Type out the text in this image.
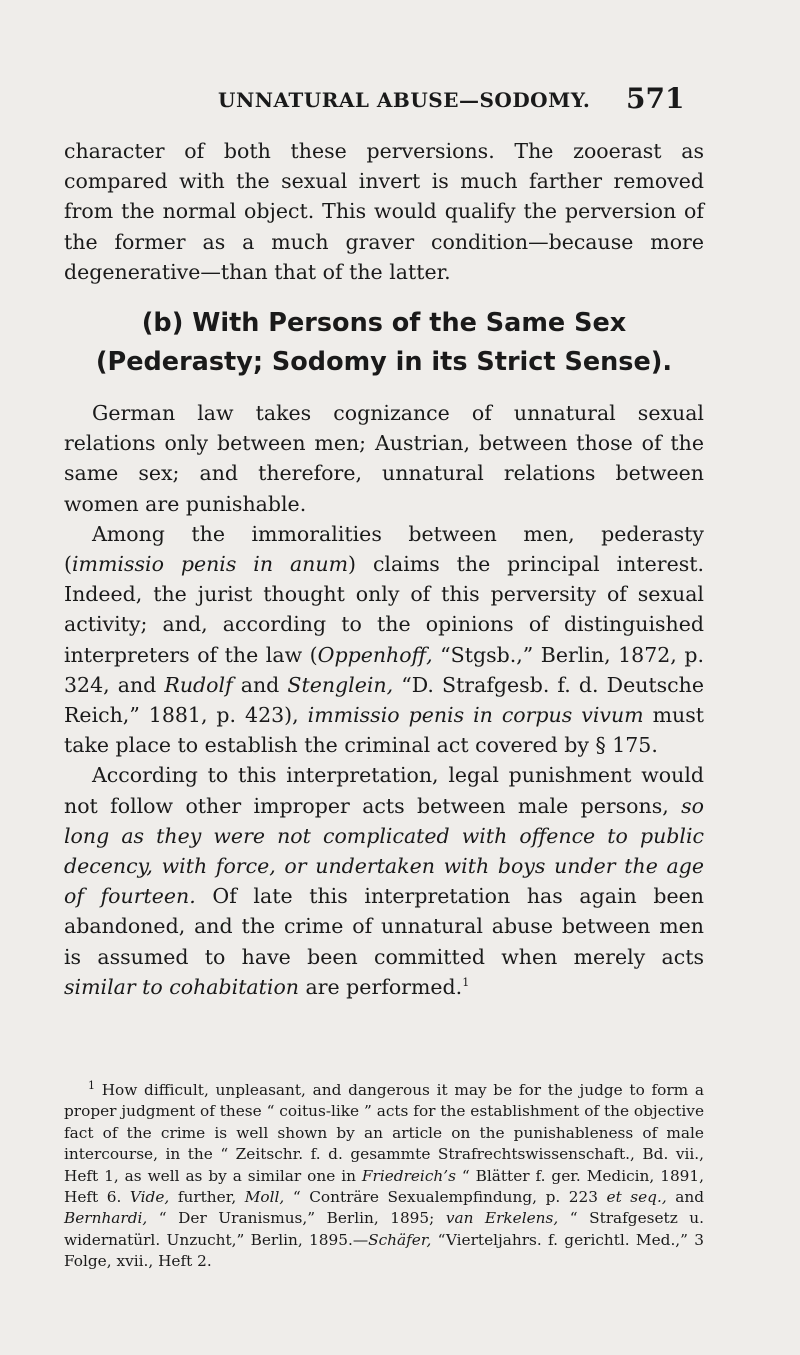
UNNATURAL ABUSE—SODOMY. 571

character of both these perversions. The zooerast as compared with the sexual invert is much farther removed from the normal object. This would qualify the perversion of the former as a much graver condition—because more degenerative—than that of the latter.

(b) With Persons of the Same Sex (Pederasty; Sodomy in its Strict Sense).

German law takes cognizance of unnatural sexual relations only between men; Austrian, between those of the same sex; and therefore, unnatural relations between women are punishable.

Among the immoralities between men, pederasty (immissio penis in anum) claims the principal interest. Indeed, the jurist thought only of this perversity of sexual activity; and, according to the opinions of distinguished interpreters of the law (Oppenhoff, “Stgsb.,” Berlin, 1872, p. 324, and Rudolf and Stenglein, “D. Strafgesb. f. d. Deutsche Reich,” 1881, p. 423), immissio penis in corpus vivum must take place to establish the criminal act covered by § 175.

According to this interpretation, legal punishment would not follow other improper acts between male persons, so long as they were not complicated with offence to public decency, with force, or undertaken with boys under the age of fourteen. Of late this interpretation has again been abandoned, and the crime of unnatural abuse between men is assumed to have been committed when merely acts similar to cohabitation are performed.$^1$

$^1$ How difficult, unpleasant, and dangerous it may be for the judge to form a proper judgment of these “ coitus-like ” acts for the establishment of the objective fact of the crime is well shown by an article on the punishableness of male intercourse, in the “ Zeitschr. f. d. gesammte Strafrechtswissenschaft., Bd. vii., Heft 1, as well as by a similar one in Friedreich’s “ Blätter f. ger. Medicin, 1891, Heft 6. Vide, further, Moll, “ Conträre Sexualempfindung, p. 223 et seq., and Bernhardi, “ Der Uranismus,” Berlin, 1895; van Erkelens, “ Strafgesetz u. widernatürl. Unzucht,” Berlin, 1895.—Schäfer, “Vierteljahrs. f. gerichtl. Med.,” 3 Folge, xvii., Heft 2.
